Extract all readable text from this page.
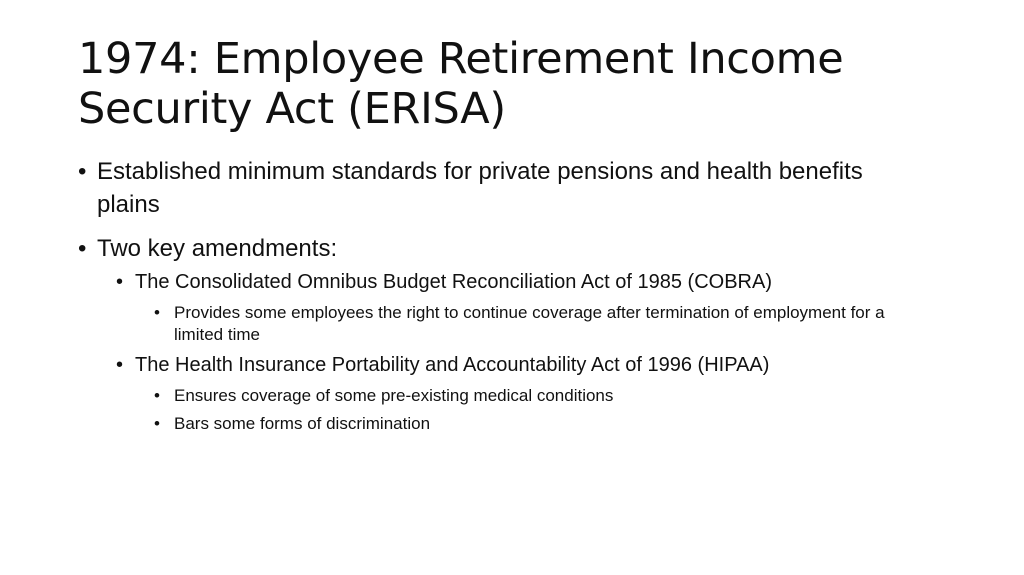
1974: Employee Retirement Income Security Act (ERISA)
• Established minimum standards for private pensions and health benefits plains
• Two key amendments:
• The Consolidated Omnibus Budget Reconciliation Act of 1985 (COBRA)
• Provides some employees the right to continue coverage after termination of employment for a limited time
• The Health Insurance Portability and Accountability Act of 1996 (HIPAA)
• Ensures coverage of some pre-existing medical conditions
• Bars some forms of discrimination
